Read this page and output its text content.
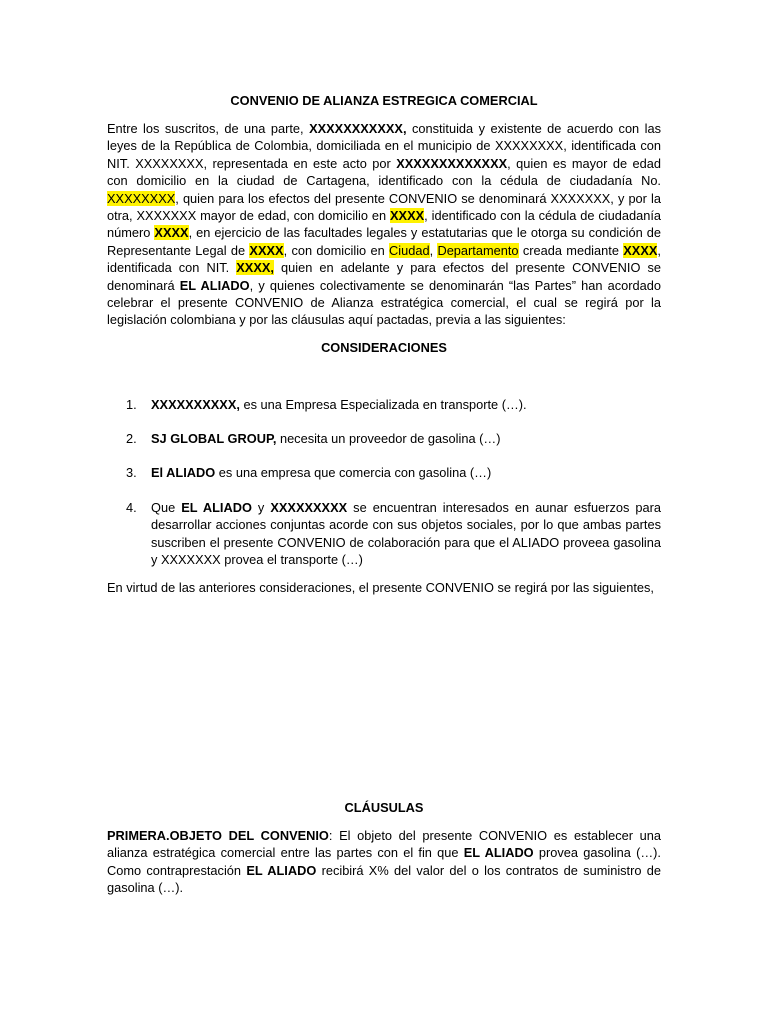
CONVENIO DE ALIANZA ESTREGICA COMERCIAL

Entre los suscritos, de una parte, XXXXXXXXXXX, constituida y existente de acuerdo con las leyes de la República de Colombia, domiciliada en el municipio de XXXXXXXX, identificada con NIT. XXXXXXXX, representada en este acto por XXXXXXXXXXXXX, quien es mayor de edad con domicilio en la ciudad de Cartagena, identificado con la cédula de ciudadanía No. XXXXXXXX, quien para los efectos del presente CONVENIO se denominará XXXXXXX, y por la otra, XXXXXXX mayor de edad, con domicilio en XXXX, identificado con la cédula de ciudadanía número XXXX, en ejercicio de las facultades legales y estatutarias que le otorga su condición de Representante Legal de XXXX, con domicilio en Ciudad, Departamento creada mediante XXXX, identificada con NIT. XXXX, quien en adelante y para efectos del presente CONVENIO se denominará EL ALIADO, y quienes colectivamente se denominarán “las Partes” han acordado celebrar el presente CONVENIO de Alianza estratégica comercial, el cual se regirá por la legislación colombiana y por las cláusulas aquí pactadas, previa a las siguientes:

CONSIDERACIONES
1. XXXXXXXXXX, es una Empresa Especializada en transporte (…).

2. SJ GLOBAL GROUP, necesita un proveedor de gasolina (…)

3. El ALIADO es una empresa que comercia con gasolina (…)

4. Que EL ALIADO y XXXXXXXXX se encuentran interesados en aunar esfuerzos para desarrollar acciones conjuntas acorde con sus objetos sociales, por lo que ambas partes suscriben el presente CONVENIO de colaboración para que el ALIADO proveea gasolina y XXXXXXX provea el transporte (…)

En virtud de las anteriores consideraciones, el presente CONVENIO se regirá por las siguientes,

CLÁUSULAS

PRIMERA.OBJETO DEL CONVENIO: El objeto del presente CONVENIO es establecer una alianza estratégica comercial entre las partes con el fin que EL ALIADO provea gasolina (…). Como contraprestación EL ALIADO recibirá X% del valor del o los contratos de suministro de gasolina (…).
